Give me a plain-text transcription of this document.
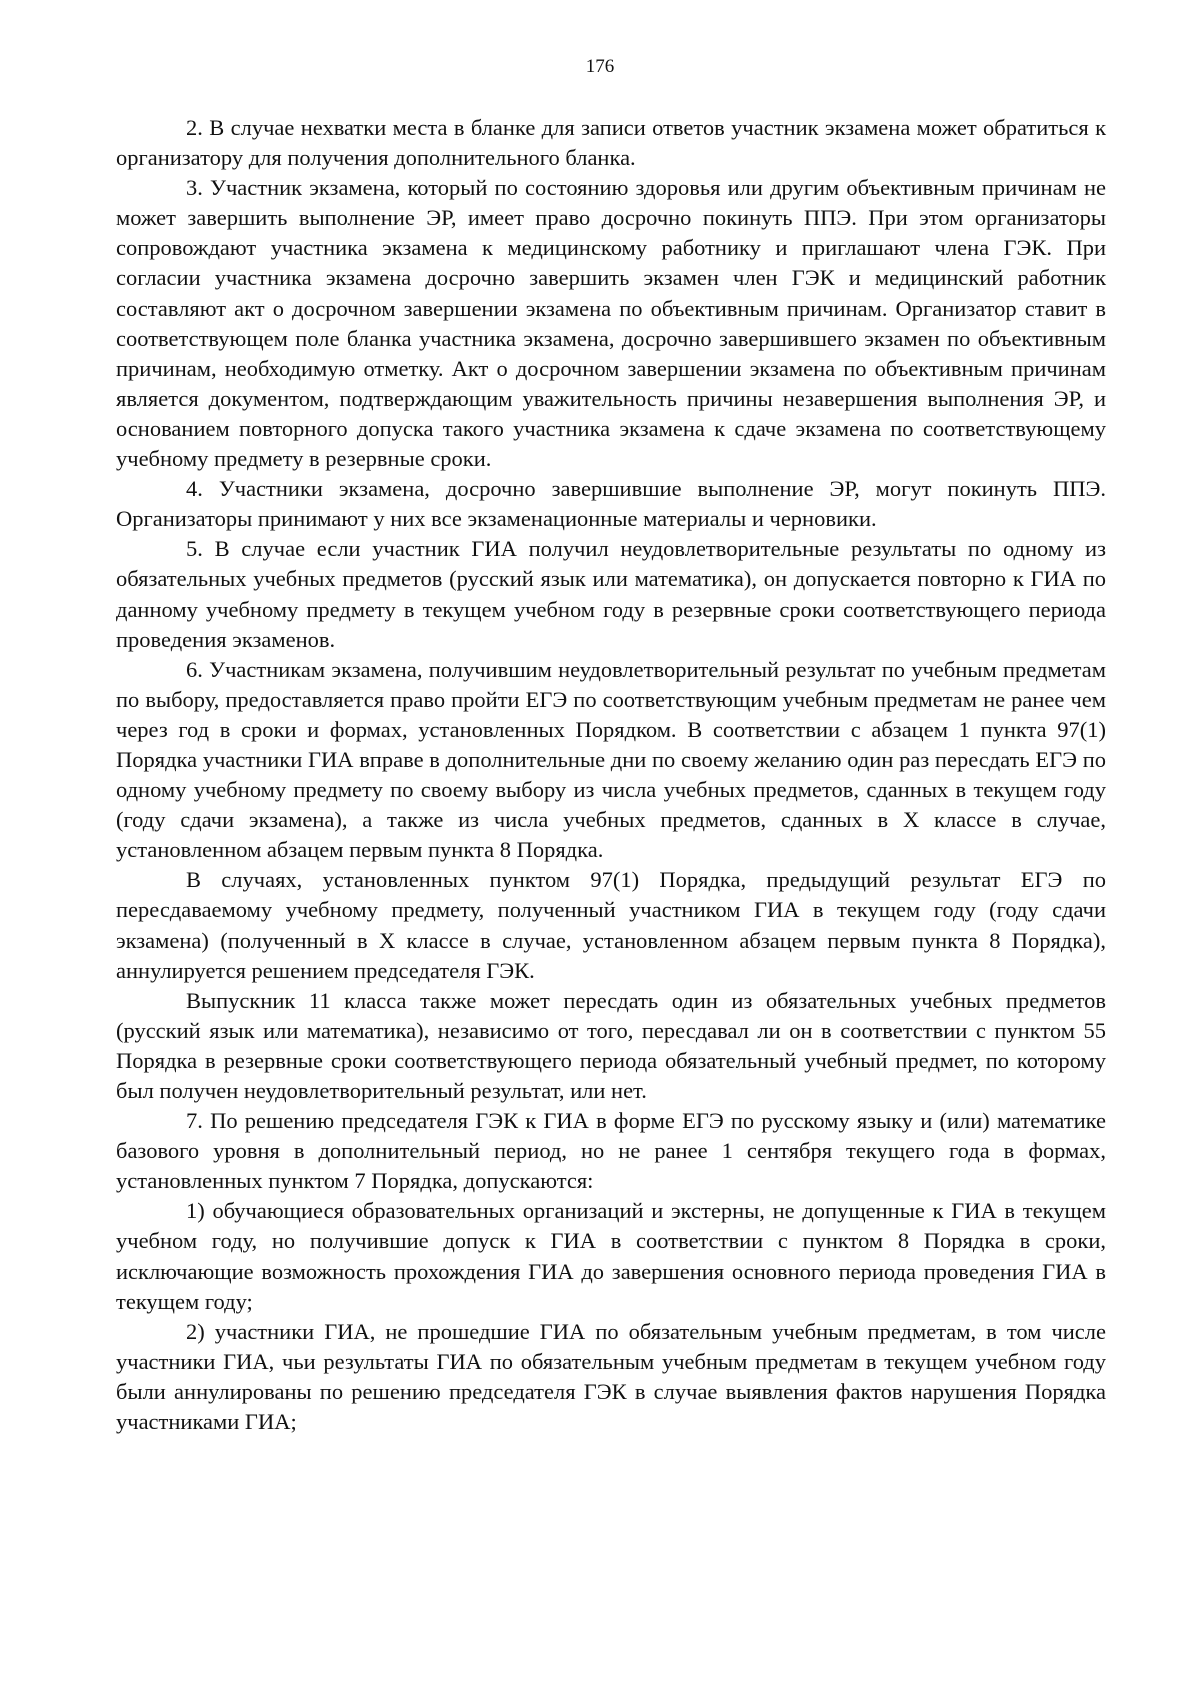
176

2. В случае нехватки места в бланке для записи ответов участник экзамена может обратиться к организатору для получения дополнительного бланка.

3. Участник экзамена, который по состоянию здоровья или другим объективным причинам не может завершить выполнение ЭР, имеет право досрочно покинуть ППЭ. При этом организаторы сопровождают участника экзамена к медицинскому работнику и приглашают члена ГЭК. При согласии участника экзамена досрочно завершить экзамен член ГЭК и медицинский работник составляют акт о досрочном завершении экзамена по объективным причинам. Организатор ставит в соответствующем поле бланка участника экзамена, досрочно завершившего экзамен по объективным причинам, необходимую отметку. Акт о досрочном завершении экзамена по объективным причинам является документом, подтверждающим уважительность причины незавершения выполнения ЭР, и основанием повторного допуска такого участника экзамена к сдаче экзамена по соответствующему учебному предмету в резервные сроки.

4. Участники экзамена, досрочно завершившие выполнение ЭР, могут покинуть ППЭ. Организаторы принимают у них все экзаменационные материалы и черновики.

5. В случае если участник ГИА получил неудовлетворительные результаты по одному из обязательных учебных предметов (русский язык или математика), он допускается повторно к ГИА по данному учебному предмету в текущем учебном году в резервные сроки соответствующего периода проведения экзаменов.

6. Участникам экзамена, получившим неудовлетворительный результат по учебным предметам по выбору, предоставляется право пройти ЕГЭ по соответствующим учебным предметам не ранее чем через год в сроки и формах, установленных Порядком. В соответствии с абзацем 1 пункта 97(1) Порядка участники ГИА вправе в дополнительные дни по своему желанию один раз пересдать ЕГЭ по одному учебному предмету по своему выбору из числа учебных предметов, сданных в текущем году (году сдачи экзамена), а также из числа учебных предметов, сданных в X классе в случае, установленном абзацем первым пункта 8 Порядка.

В случаях, установленных пунктом 97(1) Порядка, предыдущий результат ЕГЭ по пересдаваемому учебному предмету, полученный участником ГИА в текущем году (году сдачи экзамена) (полученный в X классе в случае, установленном абзацем первым пункта 8 Порядка), аннулируется решением председателя ГЭК.

Выпускник 11 класса также может пересдать один из обязательных учебных предметов (русский язык или математика), независимо от того, пересдавал ли он в соответствии с пунктом 55 Порядка в резервные сроки соответствующего периода обязательный учебный предмет, по которому был получен неудовлетворительный результат, или нет.

7. По решению председателя ГЭК к ГИА в форме ЕГЭ по русскому языку и (или) математике базового уровня в дополнительный период, но не ранее 1 сентября текущего года в формах, установленных пунктом 7 Порядка, допускаются:

1) обучающиеся образовательных организаций и экстерны, не допущенные к ГИА в текущем учебном году, но получившие допуск к ГИА в соответствии с пунктом 8 Порядка в сроки, исключающие возможность прохождения ГИА до завершения основного периода проведения ГИА в текущем году;

2) участники ГИА, не прошедшие ГИА по обязательным учебным предметам, в том числе участники ГИА, чьи результаты ГИА по обязательным учебным предметам в текущем учебном году были аннулированы по решению председателя ГЭК в случае выявления фактов нарушения Порядка участниками ГИА;
